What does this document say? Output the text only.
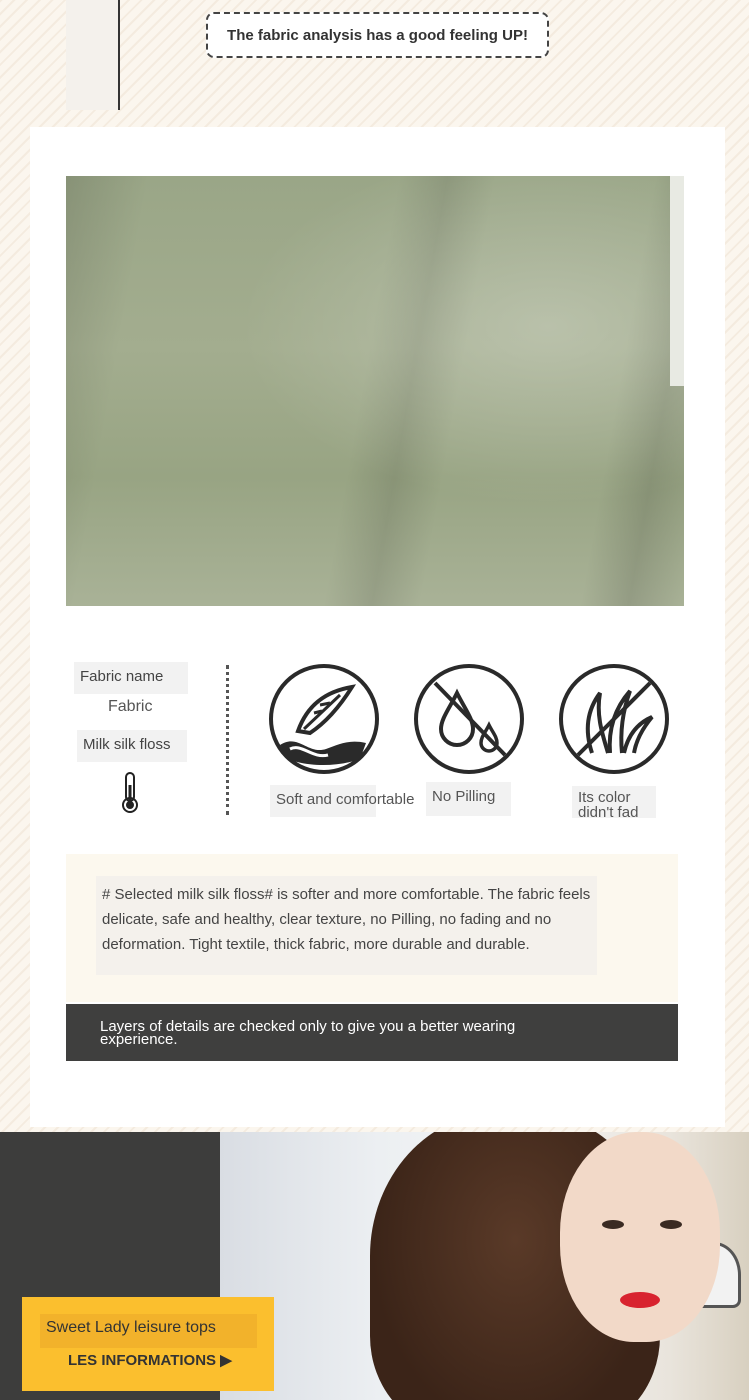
The fabric analysis has a good feeling UP!
Fabric name
Fabric
Milk silk floss
Soft and comfortable	No Pilling	Its color
didn't fad
# Selected milk silk floss# is softer and more comfortable. The fabric feels delicate, safe and healthy, clear texture, no Pilling, no fading and no deformation. Tight textile, thick fabric, more durable and durable.
Layers of details are checked only to give you a better wearing experience.
Sweet Lady leisure tops
LES INFORMATIONS ▶
